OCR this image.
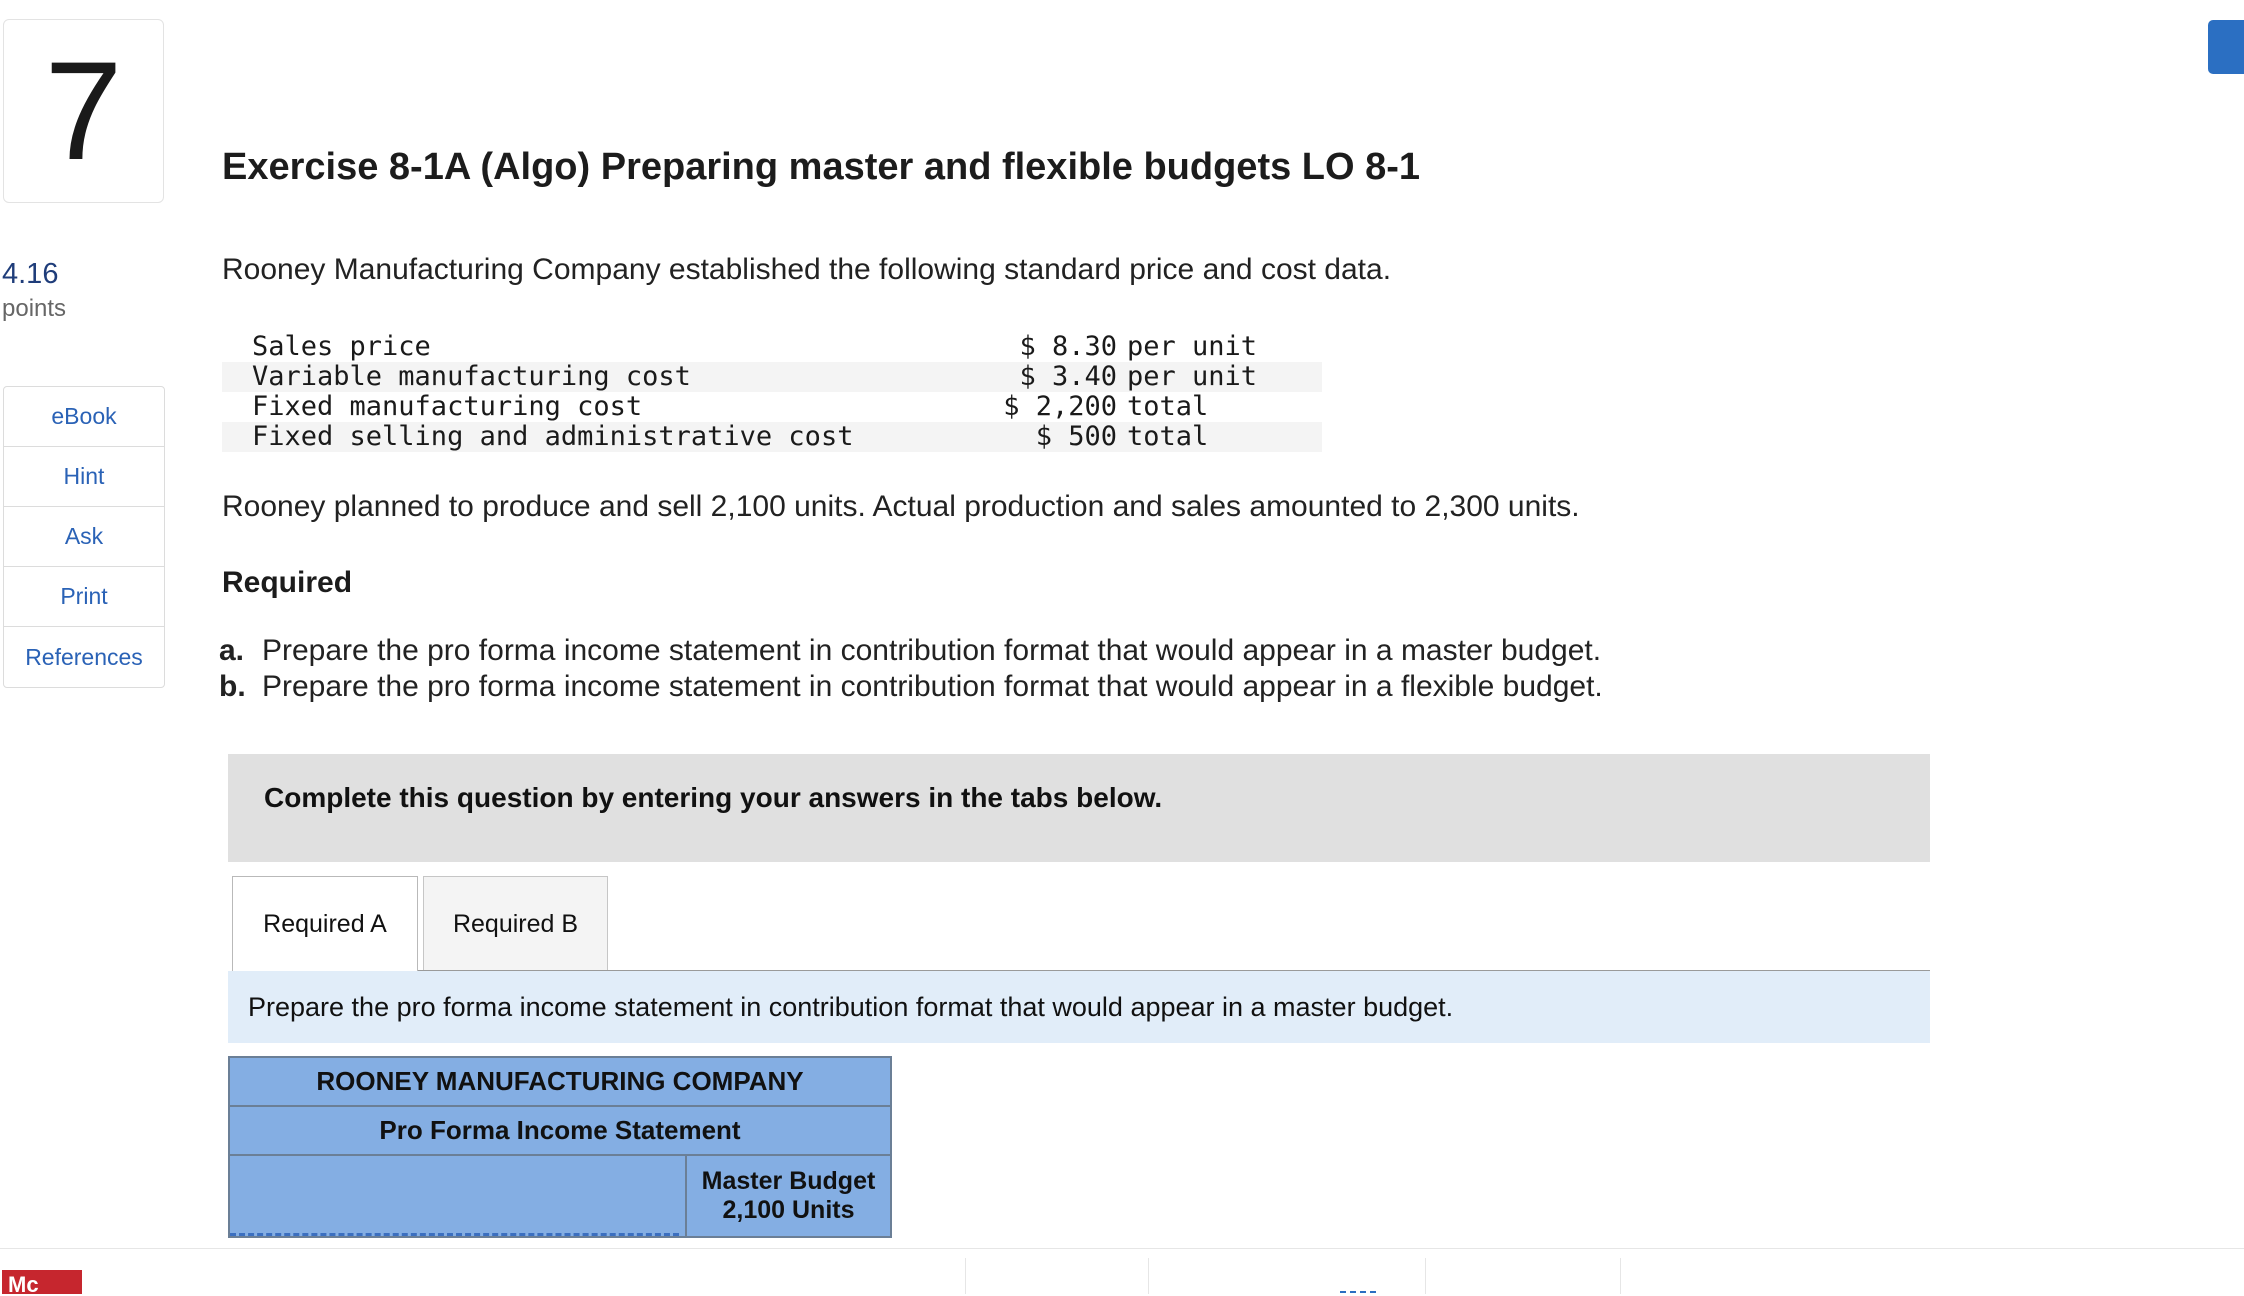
7
4.16
points
eBook
Hint
Ask
Print
References
Exercise 8-1A (Algo) Preparing master and flexible budgets LO 8-1
Rooney Manufacturing Company established the following standard price and cost data.
Sales price	$ 8.30	per unit
Variable manufacturing cost	$ 3.40	per unit
Fixed manufacturing cost	$ 2,200	total
Fixed selling and administrative cost	$ 500	total
Rooney planned to produce and sell 2,100 units. Actual production and sales amounted to 2,300 units.
Required
a. Prepare the pro forma income statement in contribution format that would appear in a master budget.
b. Prepare the pro forma income statement in contribution format that would appear in a flexible budget.
Complete this question by entering your answers in the tabs below.
Required A	Required B
Prepare the pro forma income statement in contribution format that would appear in a master budget.
ROONEY MANUFACTURING COMPANY
Pro Forma Income Statement
Master Budget
2,100 Units
Mc
